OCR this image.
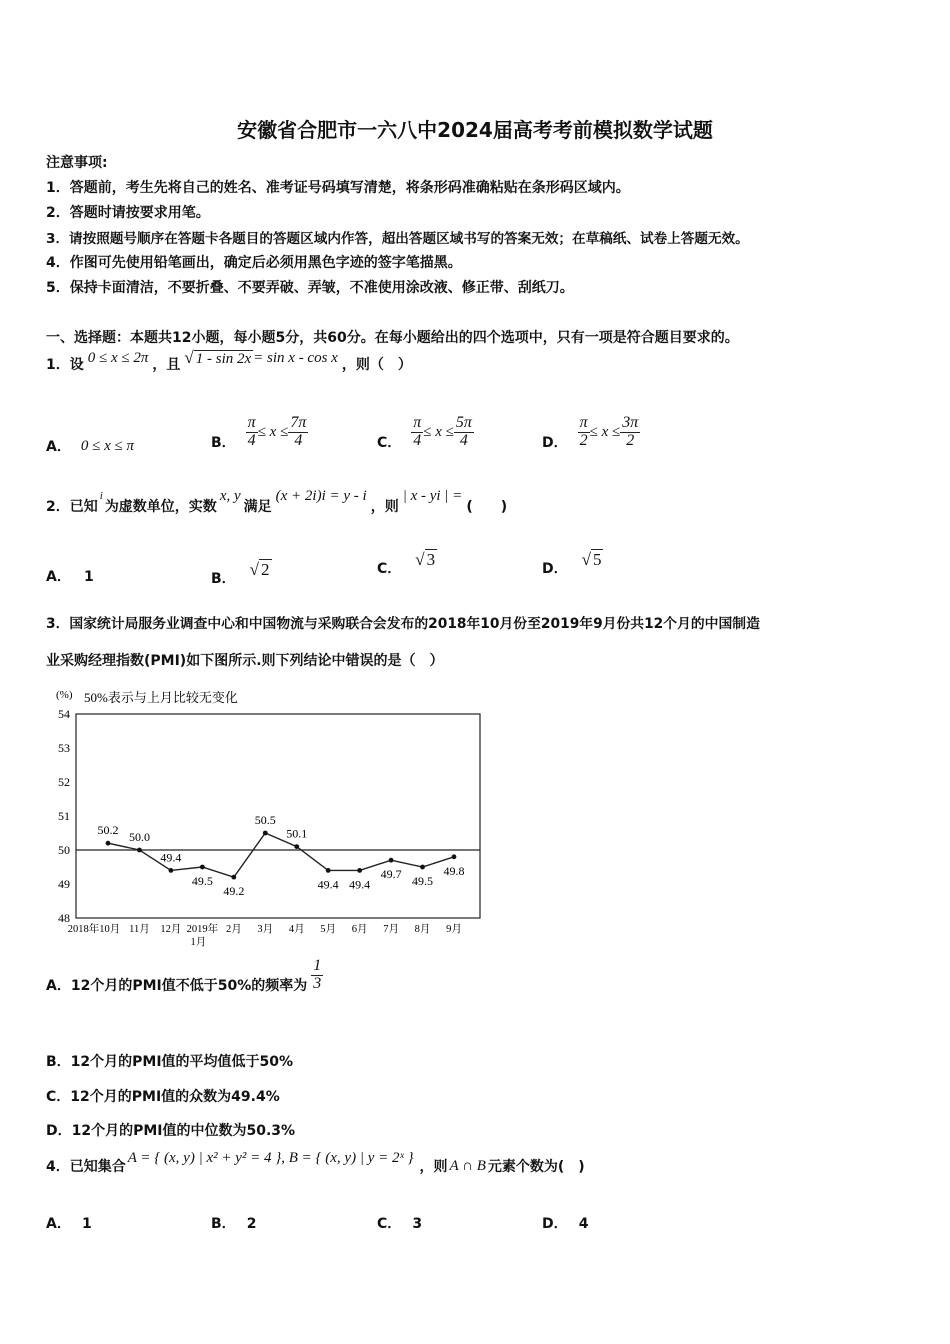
安徽省合肥市一六八中2024届高考考前模拟数学试题
注意事项:
1．答题前，考生先将自己的姓名、准考证号码填写清楚，将条形码准确粘贴在条形码区域内。
2．答题时请按要求用笔。
3．请按照题号顺序在答题卡各题目的答题区域内作答，超出答题区域书写的答案无效；在草稿纸、试卷上答题无效。
4．作图可先使用铅笔画出，确定后必须用黑色字迹的签字笔描黑。
5．保持卡面清洁，不要折叠、不要弄破、弄皱，不准使用涂改液、修正带、刮纸刀。
一、选择题：本题共12小题，每小题5分，共60分。在每小题给出的四个选项中，只有一项是符合题目要求的。
1．设 0 ≤ x ≤ 2π ，且 √ 1 - sin 2x = sin x - cos x ，则（　）
A． 0 ≤ x ≤ π	B． $\frac{\pi}{4} \le x \le \frac{7\pi}{4}$	C． $\frac{\pi}{4} \le x \le \frac{5\pi}{4}$	D． $\frac{\pi}{2} \le x \le \frac{3\pi}{2}$
2．已知
i
为虚数单位，实数
x, y
满足
(x + 2i)i = y - i
，则
| x - yi | =
(　　)
A． 1	B． √ 2	C． √ 3	D． √ 5
3．国家统计局服务业调查中心和中国物流与采购联合会发布的2018年10月份至2019年9月份共12个月的中国制造
业采购经理指数(PMI)如下图所示.则下列结论中错误的是（　）
(%) 50%表示与上月比较无变化
54
53
52
51
50
49
48
2018年10月 11月 12月 2019年
1月
2月 3月 4月 5月 6月 7月 8月 9月
50.2 50.0
49.4
49.5
49.2
50.5
50.1
49.4 49.4
49.7 49.5
49.8
A．12个月的PMI值不低于50%的频率为 $\frac{1}{3}$
B．12个月的PMI值的平均值低于50%
C．12个月的PMI值的众数为49.4%
D．12个月的PMI值的中位数为50.3%
4．已知集合
A = { (x, y) | x² + y² = 4 } , B = { (x, y) | y = 2ˣ }
，则 A ∩ B 元素个数为(　)
A． 1	B． 2	C． 3	D． 4
